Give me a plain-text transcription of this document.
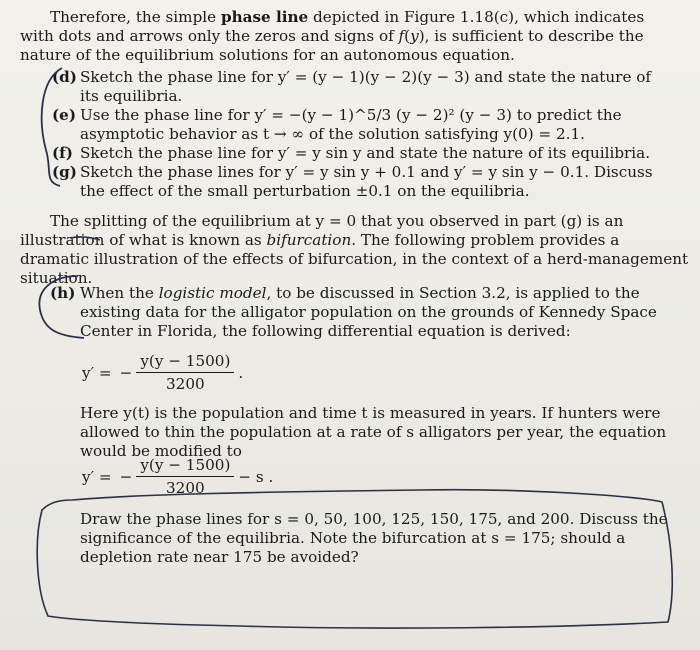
Therefore, the simple phase line depicted in Figure 1.18(c), which indicates with dots and arrows only the zeros and signs of f(y), is sufficient to describe the nature of the equilibrium solutions for an autonomous equation.

(d) Sketch the phase line for y′ = (y − 1)(y − 2)(y − 3) and state the nature of its equilibria.

(e) Use the phase line for y′ = −(y − 1)^5/3 (y − 2)² (y − 3) to predict the asymptotic behavior as t → ∞ of the solution satisfying y(0) = 2.1.

(f) Sketch the phase line for y′ = y sin y and state the nature of its equilibria.

(g) Sketch the phase lines for y′ = y sin y + 0.1 and y′ = y sin y − 0.1. Discuss the effect of the small perturbation ±0.1 on the equilibria.

The splitting of the equilibrium at y = 0 that you observed in part (g) is an illustration of what is known as bifurcation. The following problem provides a dramatic illustration of the effects of bifurcation, in the context of a herd-management situation.

(h) When the logistic model, to be discussed in Section 3.2, is applied to the existing data for the alligator population on the grounds of Kennedy Space Center in Florida, the following differential equation is derived:

y′ = − $\frac{y(y - 1500)}{3200}$ .

Here y(t) is the population and time t is measured in years. If hunters were allowed to thin the population at a rate of s alligators per year, the equation would be modified to

y′ = − $\frac{y(y - 1500)}{3200} - s$ .

Draw the phase lines for s = 0, 50, 100, 125, 150, 175, and 200. Discuss the significance of the equilibria. Note the bifurcation at s = 175; should a depletion rate near 175 be avoided?
